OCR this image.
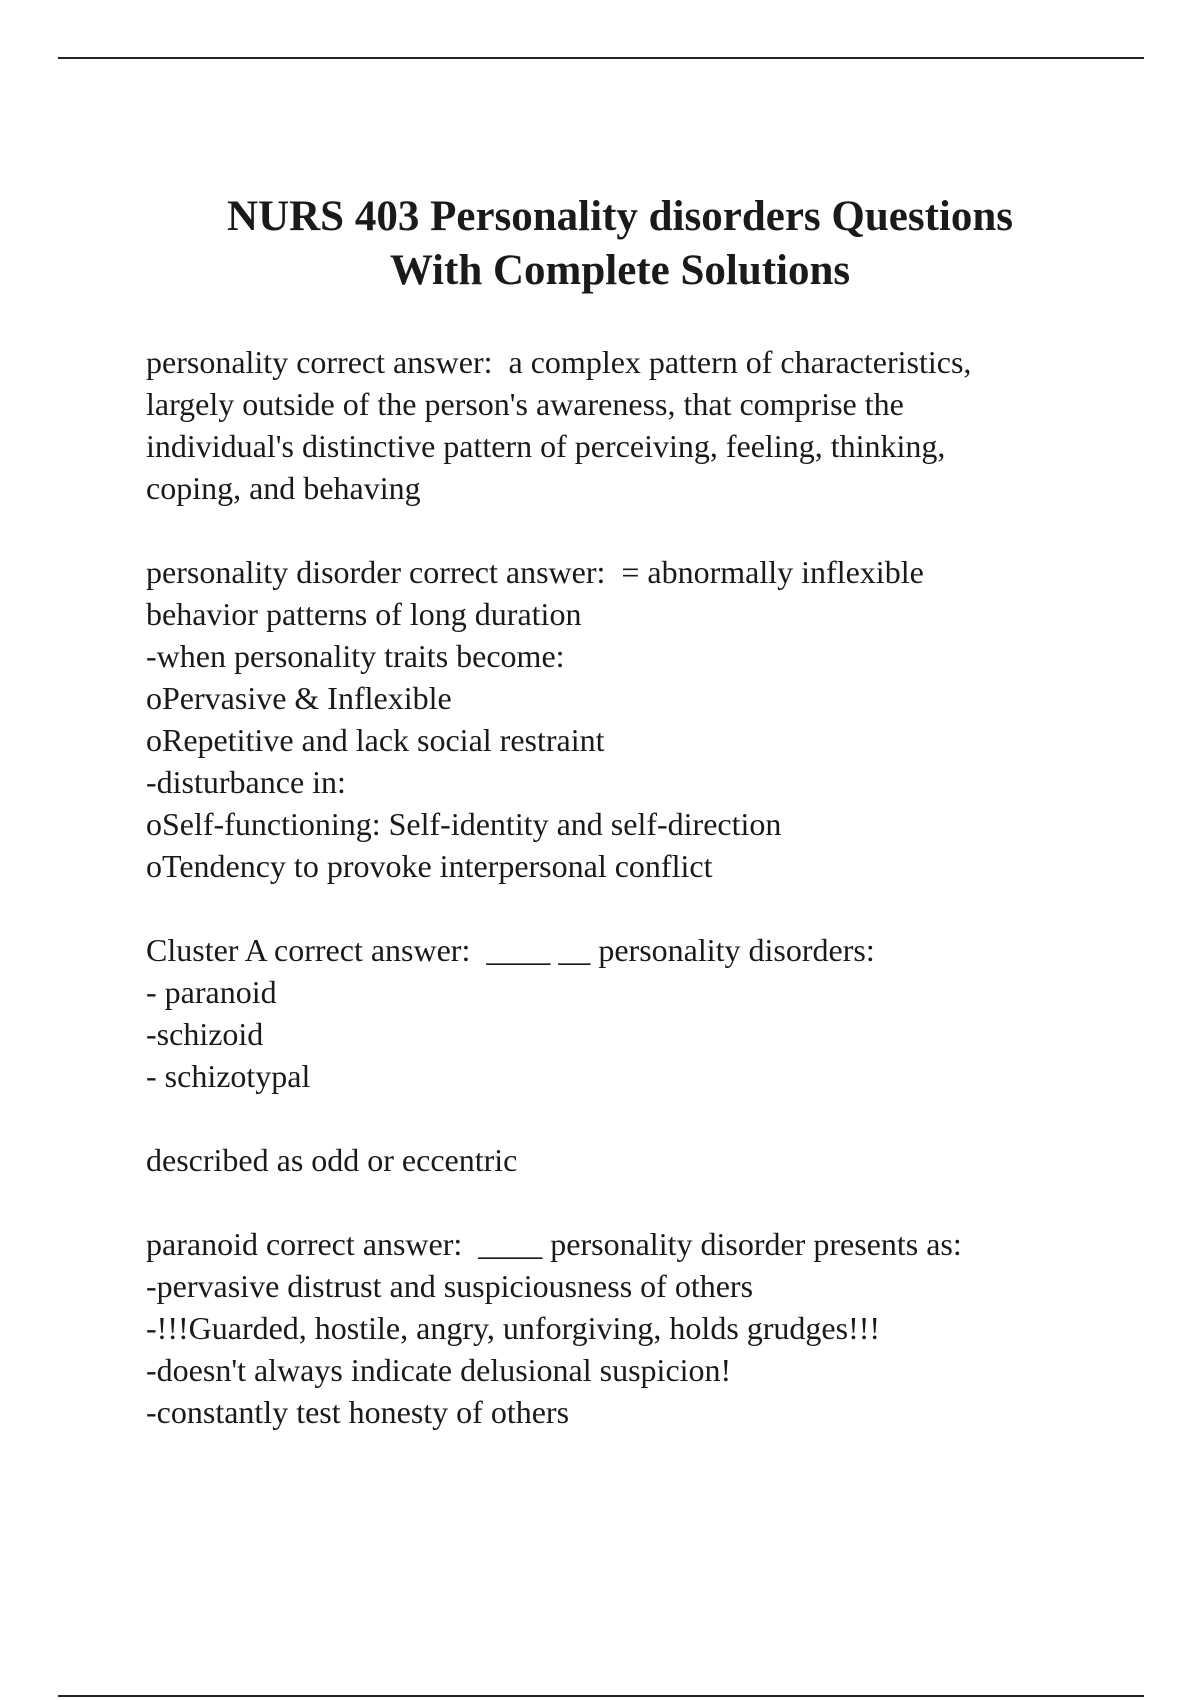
NURS 403 Personality disorders Questions
With Complete Solutions

personality correct answer:  a complex pattern of characteristics,
largely outside of the person's awareness, that comprise the
individual's distinctive pattern of perceiving, feeling, thinking,
coping, and behaving

personality disorder correct answer:  = abnormally inflexible
behavior patterns of long duration
-when personality traits become:
oPervasive & Inflexible
oRepetitive and lack social restraint
-disturbance in:
oSelf-functioning: Self-identity and self-direction
oTendency to provoke interpersonal conflict

Cluster A correct answer:  ____ __ personality disorders:
- paranoid
-schizoid
- schizotypal

described as odd or eccentric

paranoid correct answer:  ____ personality disorder presents as:
-pervasive distrust and suspiciousness of others
-!!!Guarded, hostile, angry, unforgiving, holds grudges!!!
-doesn't always indicate delusional suspicion!
-constantly test honesty of others
